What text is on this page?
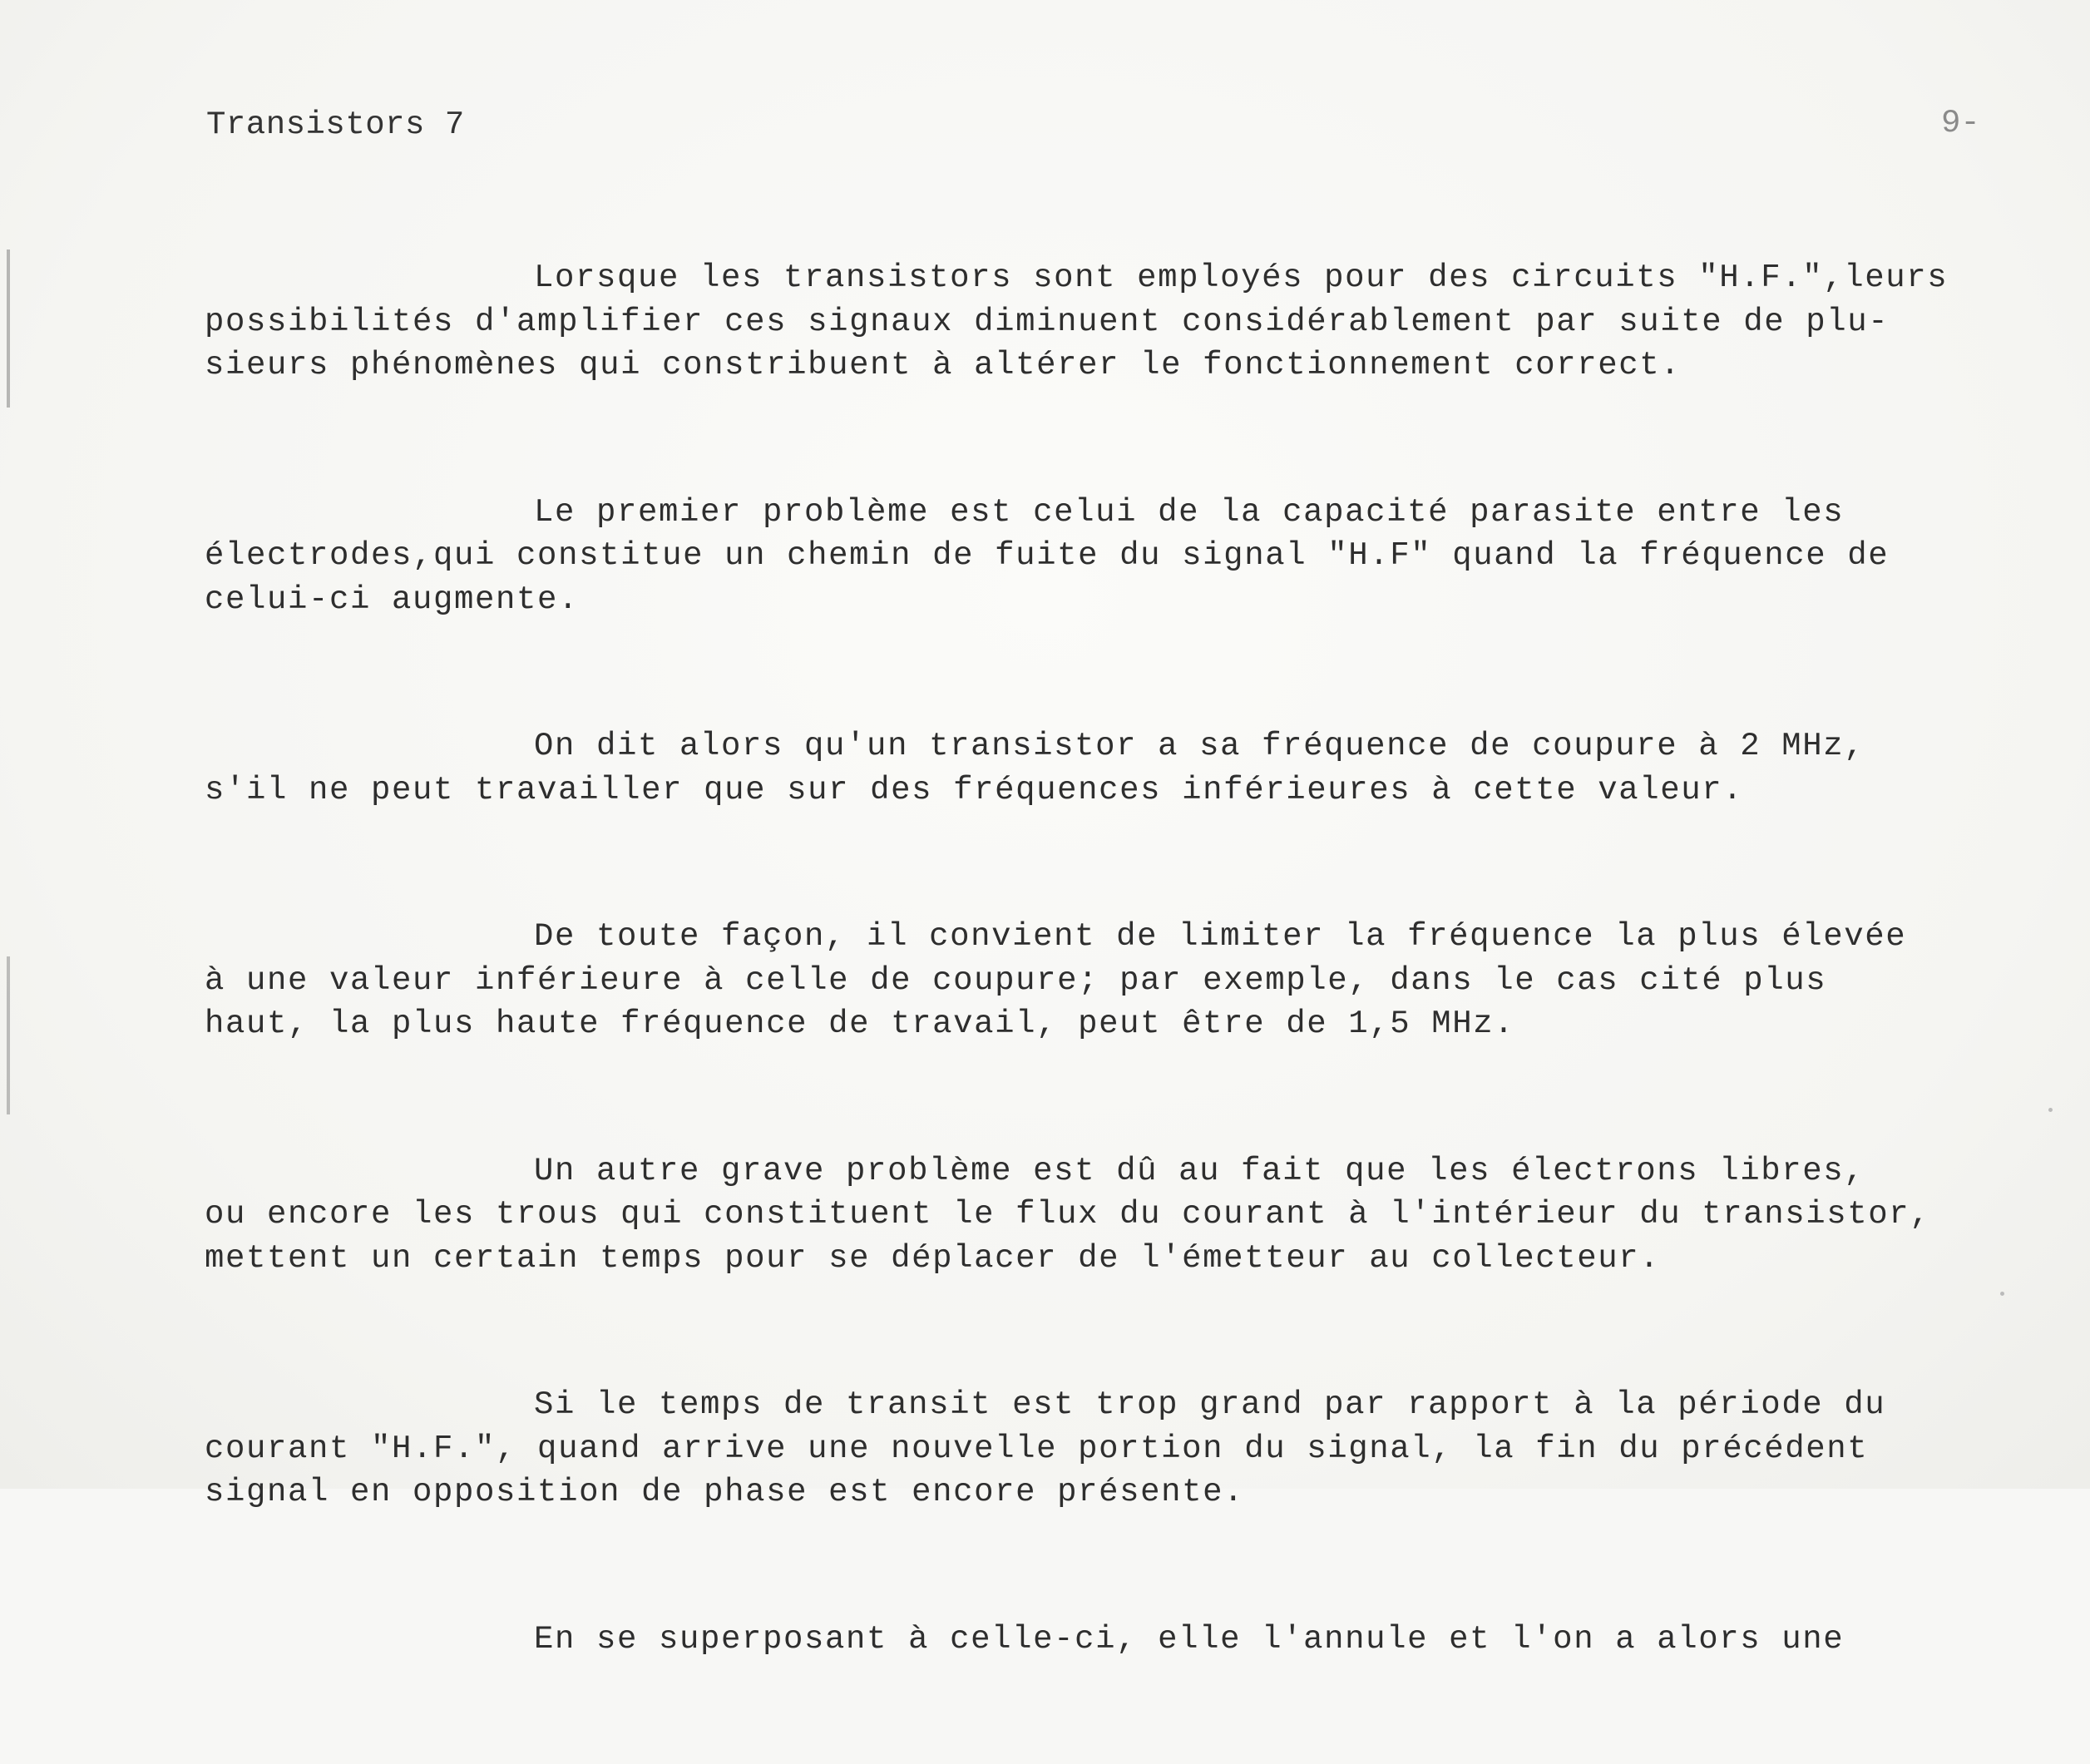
Transistors 7	9-

Lorsque les transistors sont employés pour des circuits "H.F.",leurs
possibilités d'amplifier ces signaux diminuent considérablement par suite de plu-
sieurs phénomènes qui constribuent à altérer le fonctionnement correct.

Le premier problème est celui de la capacité parasite entre les
électrodes,qui constitue un chemin de fuite du signal "H.F" quand la fréquence de
celui-ci augmente.

On dit alors qu'un transistor a sa fréquence de coupure à 2 MHz,
s'il ne peut travailler que sur des fréquences inférieures à cette valeur.

De toute façon, il convient de limiter la fréquence la plus élevée
à une valeur inférieure à celle de coupure; par exemple, dans le cas cité plus
haut, la plus haute fréquence de travail, peut être de 1,5 MHz.

Un autre grave problème est dû au fait que les électrons libres,
ou encore les trous qui constituent le flux du courant à l'intérieur du transistor,
mettent un certain temps pour se déplacer de l'émetteur au collecteur.

Si le temps de transit est trop grand par rapport à la période du
courant "H.F.", quand arrive une nouvelle portion du signal, la fin du précédent
signal en opposition de phase est encore présente.

En se superposant à celle-ci, elle l'annule et l'on a alors une
